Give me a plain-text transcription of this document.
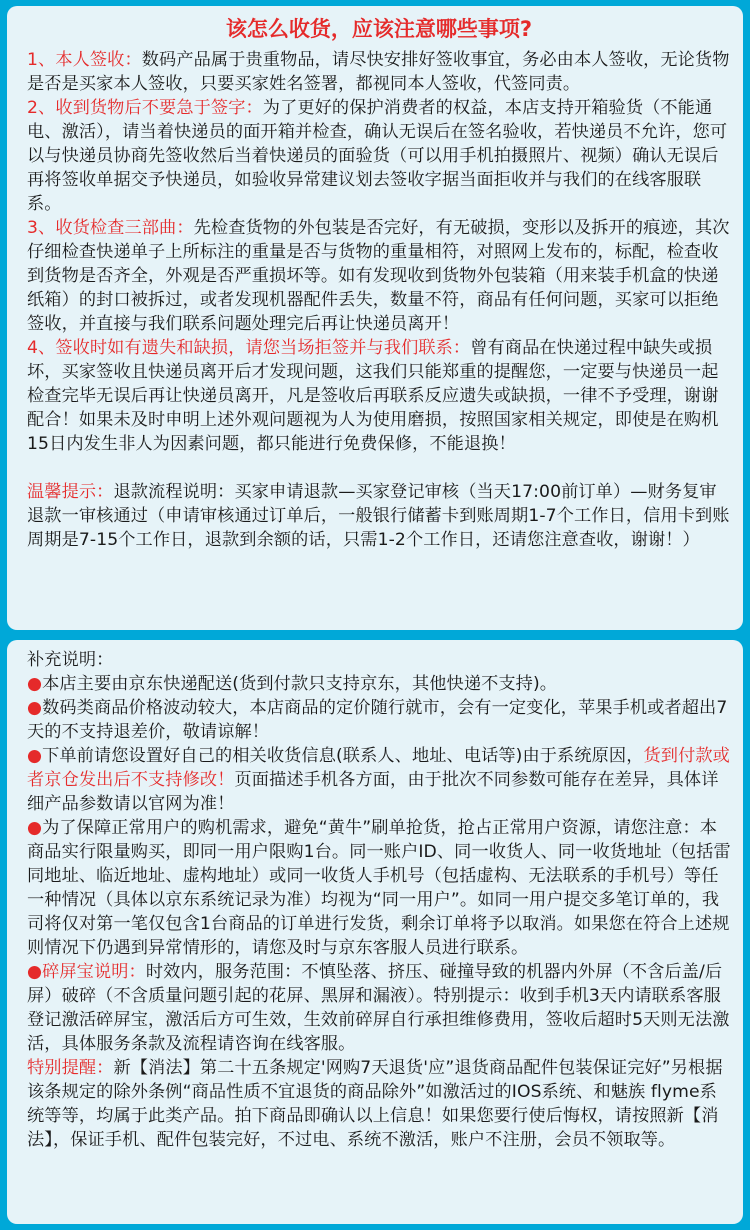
该怎么收货，应该注意哪些事项?
1、本人签收：数码产品属于贵重物品，请尽快安排好签收事宜，务必由本人签收，无论货物是否是买家本人签收，只要买家姓名签署，都视同本人签收，代签同责。
2、收到货物后不要急于签字：为了更好的保护消费者的权益，本店支持开箱验货（不能通电、激活），请当着快递员的面开箱并检查，确认无误后在签名验收，若快递员不允许，您可以与快递员协商先签收然后当着快递员的面验货（可以用手机拍摄照片、视频）确认无误后再将签收单据交予快递员，如验收异常建议划去签收字据当面拒收并与我们的在线客服联系。
3、收货检查三部曲：先检查货物的外包装是否完好，有无破损，变形以及拆开的痕迹，其次仔细检查快递单子上所标注的重量是否与货物的重量相符，对照网上发布的，标配，检查收到货物是否齐全，外观是否严重损坏等。如有发现收到货物外包装箱（用来装手机盒的快递纸箱）的封口被拆过，或者发现机器配件丢失，数量不符，商品有任何问题，买家可以拒绝签收，并直接与我们联系问题处理完后再让快递员离开！
4、签收时如有遗失和缺损，请您当场拒签并与我们联系：曾有商品在快递过程中缺失或损坏，买家签收且快递员离开后才发现问题，这我们只能郑重的提醒您，一定要与快递员一起检查完毕无误后再让快递员离开，凡是签收后再联系反应遗失或缺损，一律不予受理，谢谢配合！如果未及时申明上述外观问题视为人为使用磨损，按照国家相关规定，即使是在购机15日内发生非人为因素问题，都只能进行免费保修，不能退换！
温馨提示：退款流程说明：买家申请退款—买家登记审核（当天17:00前订单）—财务复审退款一审核通过（申请审核通过订单后，一般银行储蓄卡到账周期1-7个工作日，信用卡到账周期是7-15个工作日，退款到余额的话，只需1-2个工作日，还请您注意查收，谢谢！）
补充说明：
●本店主要由京东快递配送(货到付款只支持京东，其他快递不支持)。
●数码类商品价格波动较大，本店商品的定价随行就市，会有一定变化，苹果手机或者超出7天的不支持退差价，敬请谅解！
●下单前请您设置好自己的相关收货信息(联系人、地址、电话等)由于系统原因，货到付款或者京仓发出后不支持修改！页面描述手机各方面，由于批次不同参数可能存在差异，具体详细产品参数请以官网为准！
●为了保障正常用户的购机需求，避免“黄牛”刷单抢货，抢占正常用户资源，请您注意：本商品实行限量购买，即同一用户限购1台。同一账户ID、同一收货人、同一收货地址（包括雷同地址、临近地址、虚构地址）或同一收货人手机号（包括虚构、无法联系的手机号）等任一种情况（具体以京东系统记录为准）均视为“同一用户”。如同一用户提交多笔订单的，我司将仅对第一笔仅包含1台商品的订单进行发货，剩余订单将予以取消。如果您在符合上述规则情况下仍遇到异常情形的，请您及时与京东客服人员进行联系。
●碎屏宝说明：时效内，服务范围：不慎坠落、挤压、碰撞导致的机器内外屏（不含后盖/后屏）破碎（不含质量问题引起的花屏、黑屏和漏液）。特别提示：收到手机3天内请联系客服登记激活碎屏宝，激活后方可生效，生效前碎屏自行承担维修费用，签收后超时5天则无法激活，具体服务条款及流程请咨询在线客服。
特别提醒：新【消法】第二十五条规定'网购7天退货'应”退货商品配件包装保证完好”另根据该条规定的除外条例“商品性质不宜退货的商品除外”如激活过的IOS系统、和魅族 flyme系统等等，均属于此类产品。拍下商品即确认以上信息！如果您要行使后悔权，请按照新【消法】，保证手机、配件包装完好，不过电、系统不激活，账户不注册，会员不领取等。
